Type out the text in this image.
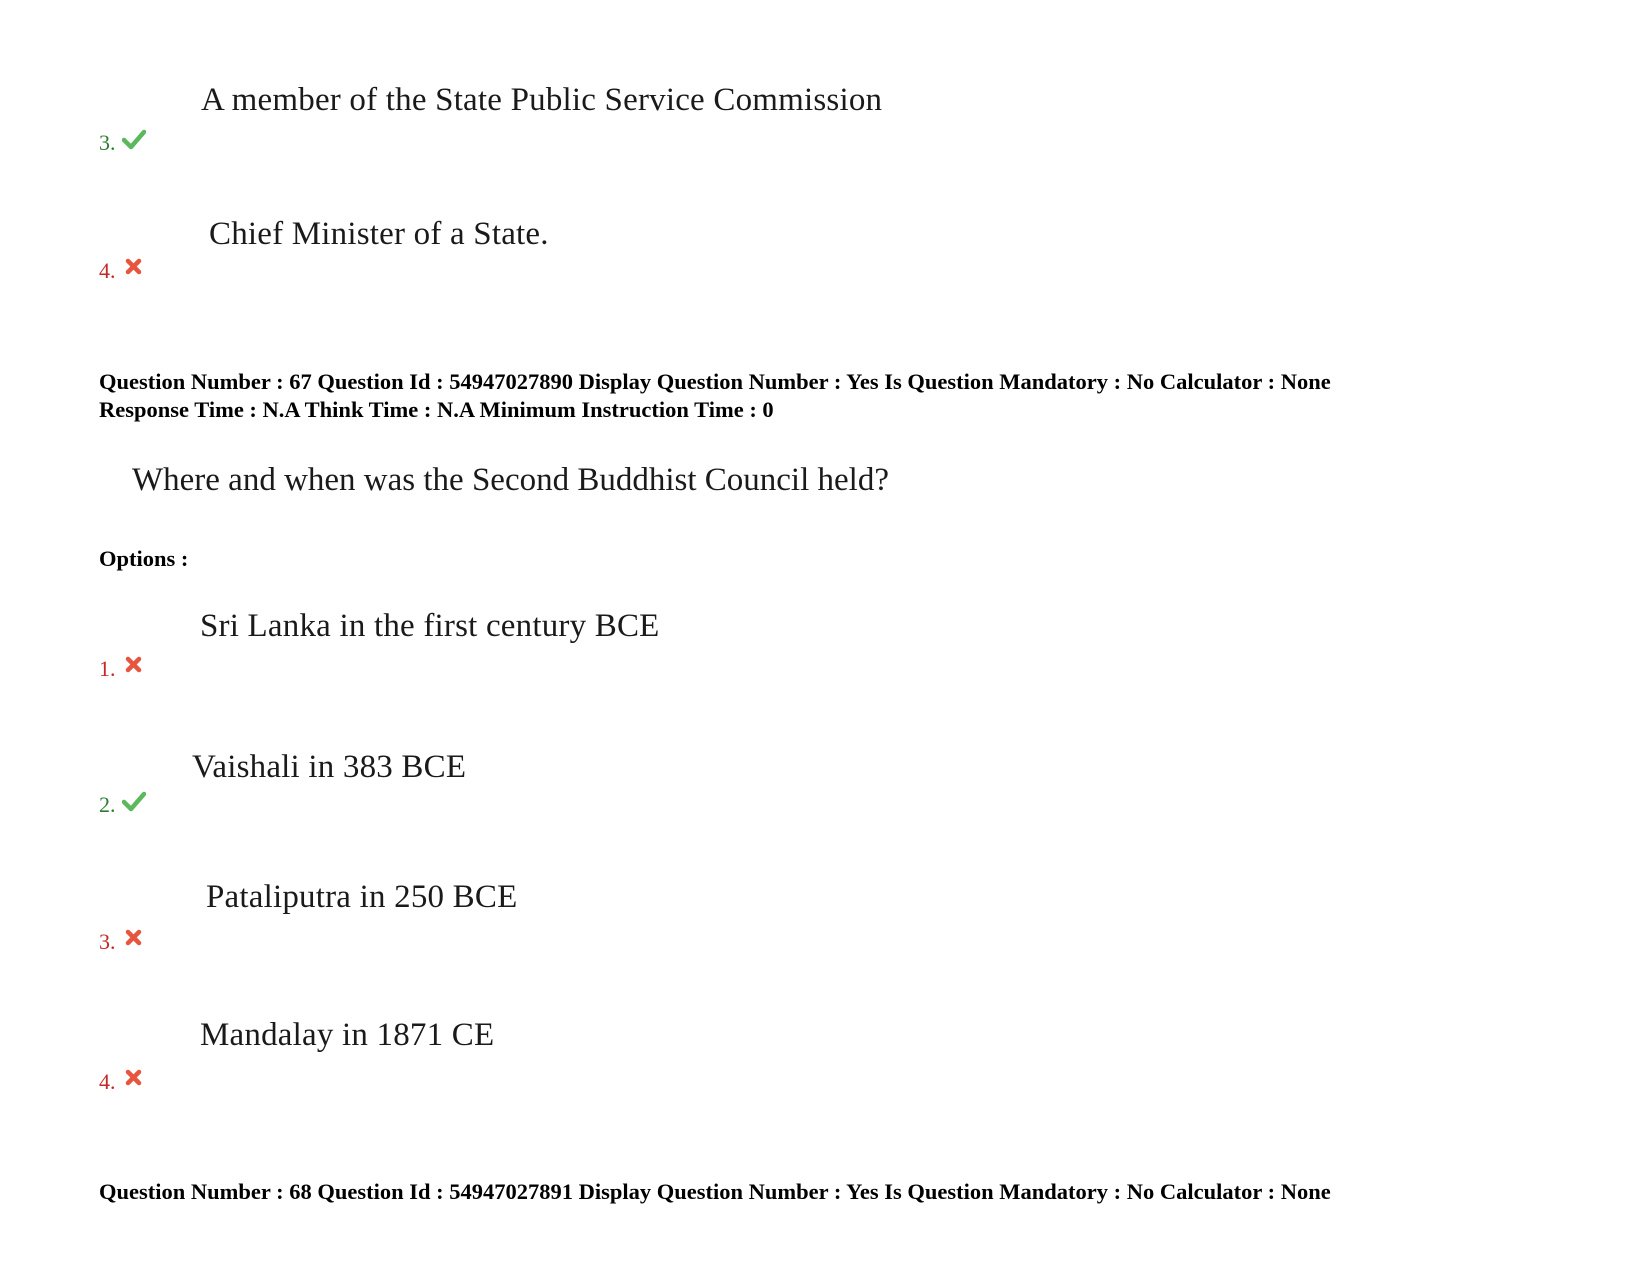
A member of the State Public Service Commission
3.
Chief Minister of a State.
4.
Question Number : 67 Question Id : 54947027890 Display Question Number : Yes Is Question Mandatory : No Calculator : None
Response Time : N.A Think Time : N.A Minimum Instruction Time : 0
Where and when was the Second Buddhist Council held?
Options :
Sri Lanka in the first century BCE
1.
Vaishali in 383 BCE
2.
Pataliputra in 250 BCE
3.
Mandalay in 1871 CE
4.
Question Number : 68 Question Id : 54947027891 Display Question Number : Yes Is Question Mandatory : No Calculator : None
